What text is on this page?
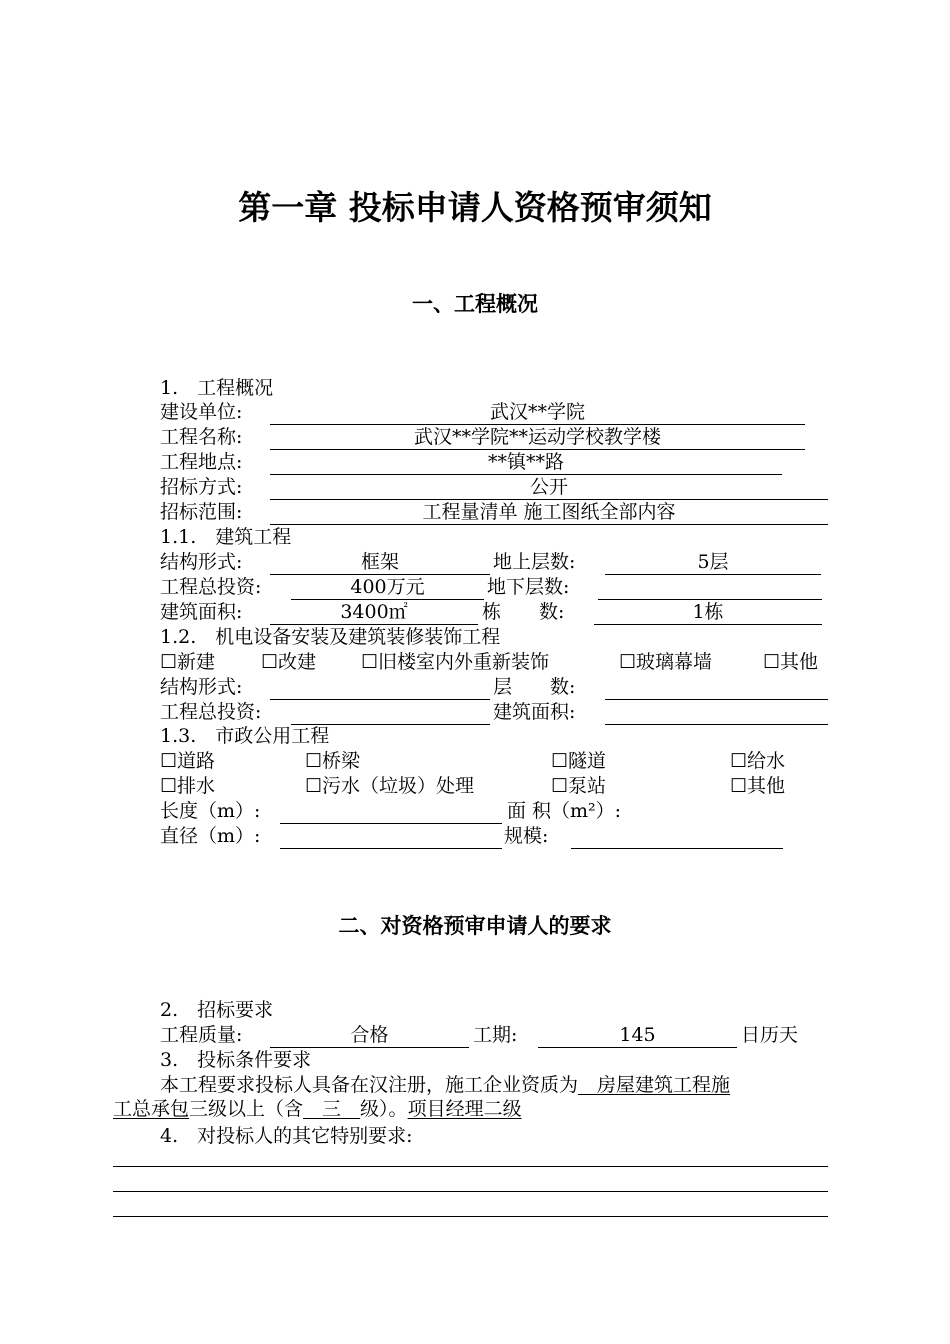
第一章 投标申请人资格预审须知
一、工程概况
1.　工程概况
建设单位:	武汉**学院
工程名称:	武汉**学院**运动学校教学楼
工程地点:	**镇**路
招标方式:	公开
招标范围:	工程量清单 施工图纸全部内容
1.1.　建筑工程
结构形式:	框架	地上层数:	5层
工程总投资:	400万元	地下层数:
建筑面积:	3400㎡	栋　　数:	1栋
1.2.　机电设备安装及建筑装修装饰工程
☐新建 ☐改建 ☐旧楼室内外重新装饰	☐玻璃幕墙	☐其他
结构形式:	层　　数:
工程总投资:	建筑面积:
1.3.　市政公用工程
☐道路	☐桥梁	☐隧道	☐给水
☐排水	☐污水（垃圾）处理	☐泵站	☐其他
长度（m）:	面 积（m²）:
直径（m）:	规模:
二、对资格预审申请人的要求
2.　招标要求
工程质量:	合格	工期:	145	日历天
3.　投标条件要求
本工程要求投标人具备在汉注册，施工企业资质为　房屋建筑工程施
工总承包三级以上（含　三　级）。项目经理二级
4.　对投标人的其它特别要求:
